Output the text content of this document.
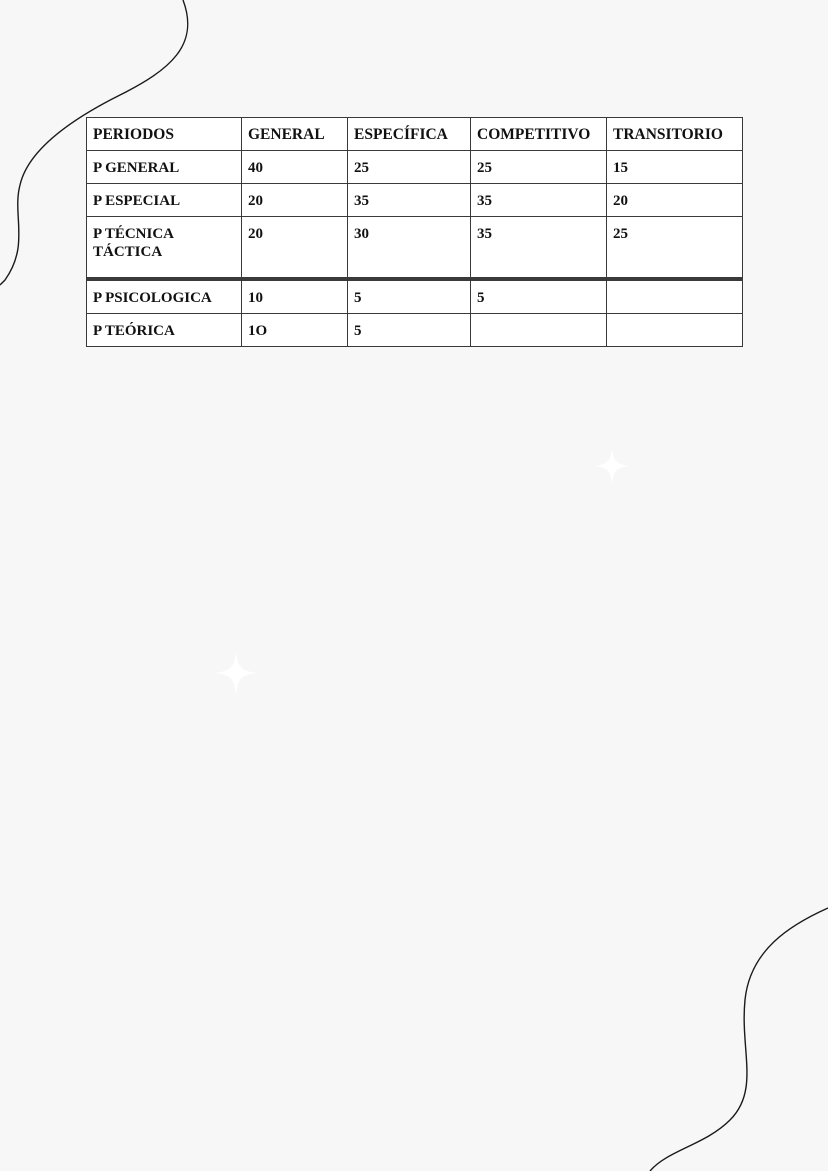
PERIODOS	GENERAL	ESPECÍFICA	COMPETITIVO	TRANSITORIO
P GENERAL	40	25	25	15
P ESPECIAL	20	35	35	20
P TÉCNICA TÁCTICA	20	30	35	25
P PSICOLOGICA	10	5	5	
P TEÓRICA	1O	5		
